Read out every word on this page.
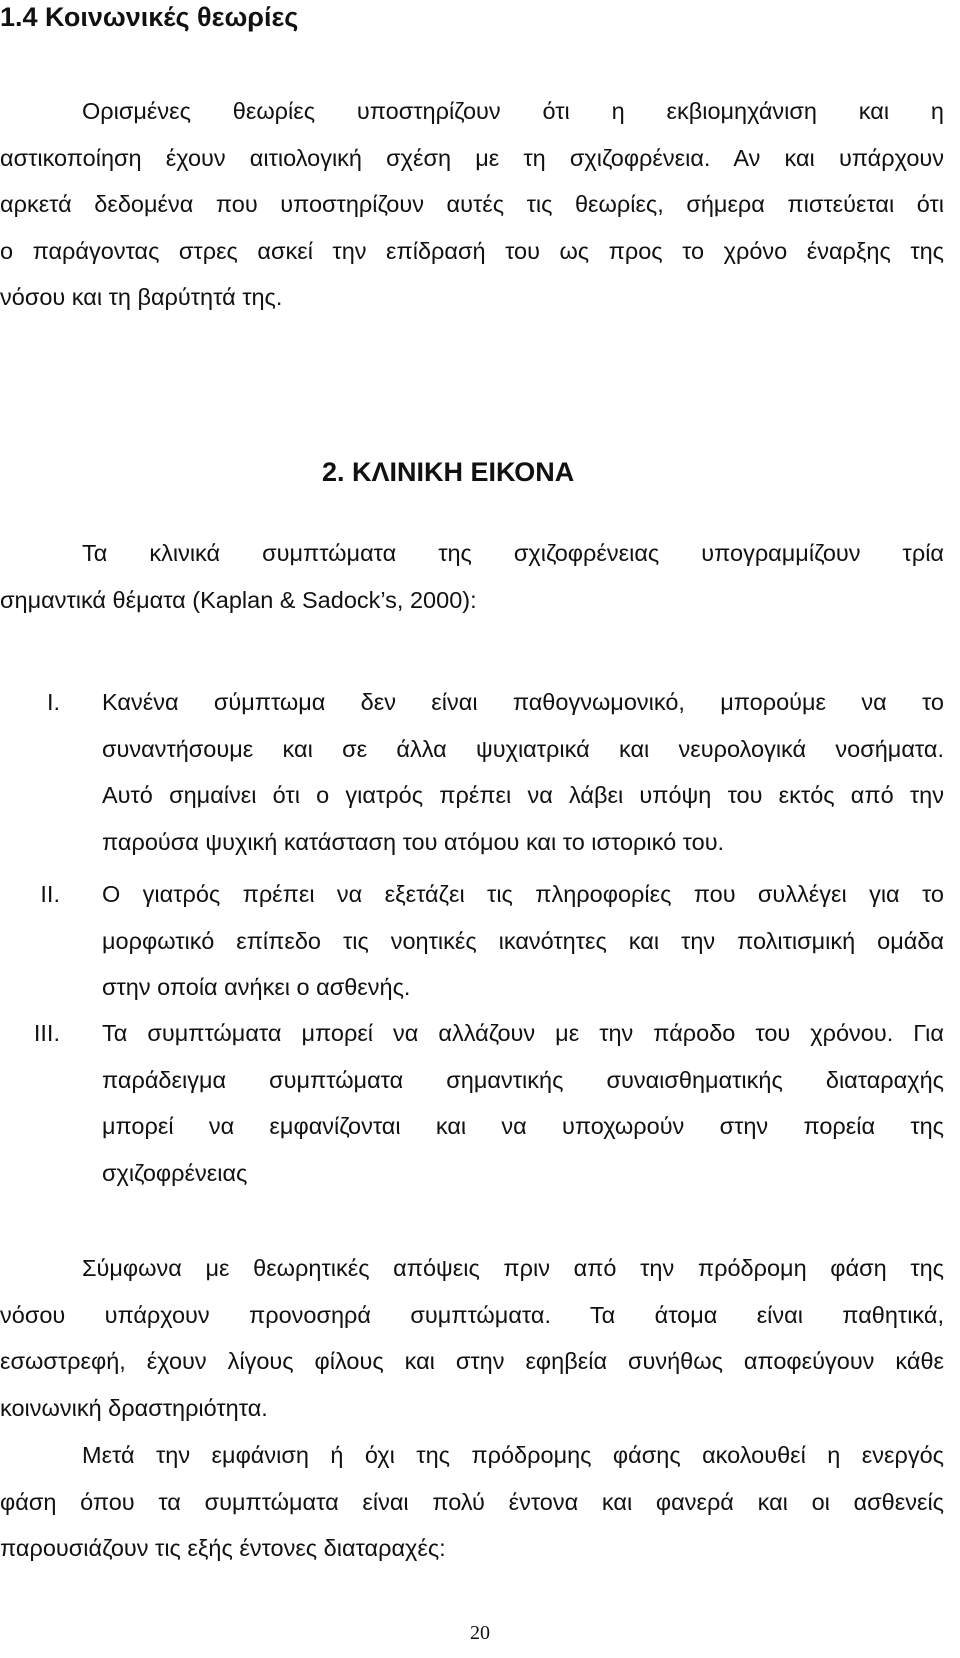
1.4 Κοινωνικές θεωρίες
Ορισμένες θεωρίες υποστηρίζουν ότι η εκβιομηχάνιση και η
αστικοποίηση έχουν αιτιολογική σχέση με τη σχιζοφρένεια. Αν και υπάρχουν
αρκετά δεδομένα που υποστηρίζουν αυτές τις θεωρίες, σήμερα πιστεύεται ότι
ο παράγοντας στρες ασκεί την επίδρασή του ως προς το χρόνο έναρξης της
νόσου και τη βαρύτητά της.
2. ΚΛΙΝΙΚΗ ΕΙΚΟΝΑ
Τα κλινικά συμπτώματα της σχιζοφρένειας υπογραμμίζουν τρία
σημαντικά θέματα (Kaplan & Sadock’s, 2000):
I. Κανένα σύμπτωμα δεν είναι παθογνωμονικό, μπορούμε να το
συναντήσουμε και σε άλλα ψυχιατρικά και νευρολογικά νοσήματα.
Αυτό σημαίνει ότι ο γιατρός πρέπει να λάβει υπόψη του εκτός από την
παρούσα ψυχική κατάσταση του ατόμου και το ιστορικό του.
II. Ο γιατρός πρέπει να εξετάζει τις πληροφορίες που συλλέγει για το
μορφωτικό επίπεδο τις νοητικές ικανότητες και την πολιτισμική ομάδα
στην οποία ανήκει ο ασθενής.
III. Τα συμπτώματα μπορεί να αλλάζουν με την πάροδο του χρόνου. Για
παράδειγμα συμπτώματα σημαντικής συναισθηματικής διαταραχής
μπορεί να εμφανίζονται και να υποχωρούν στην πορεία της
σχιζοφρένειας
Σύμφωνα με θεωρητικές απόψεις πριν από την πρόδρομη φάση της
νόσου υπάρχουν προνοσηρά συμπτώματα. Τα άτομα είναι παθητικά,
εσωστρεφή, έχουν λίγους φίλους και στην εφηβεία συνήθως αποφεύγουν κάθε
κοινωνική δραστηριότητα.
Μετά την εμφάνιση ή όχι της πρόδρομης φάσης ακολουθεί η ενεργός
φάση όπου τα συμπτώματα είναι πολύ έντονα και φανερά και οι ασθενείς
παρουσιάζουν τις εξής έντονες διαταραχές:
20
